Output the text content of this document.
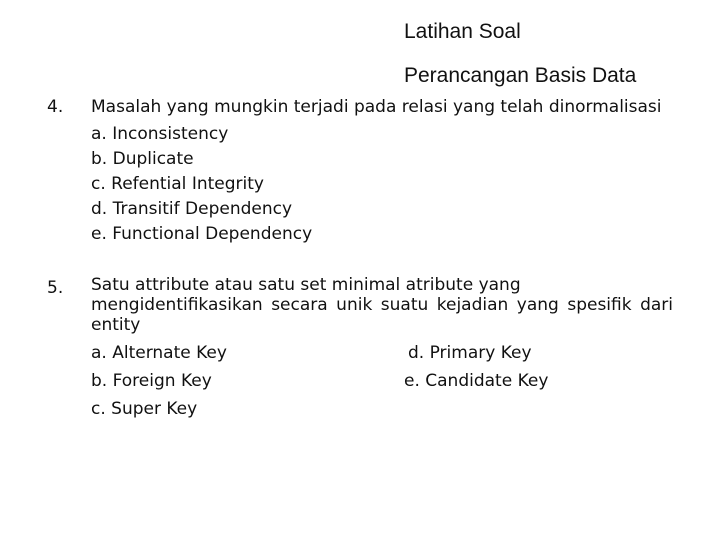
Latihan Soal
Perancangan Basis Data
4. Masalah yang mungkin terjadi pada relasi yang telah dinormalisasi
a. Inconsistency
b. Duplicate
c. Refential Integrity
d. Transitif Dependency
e. Functional Dependency
5. Satu attribute atau satu set minimal atribute yang
mengidentifikasikan secara unik suatu kejadian yang spesifik dari
entity
a. Alternate Key	d. Primary Key
b. Foreign Key	e. Candidate Key
c. Super Key
